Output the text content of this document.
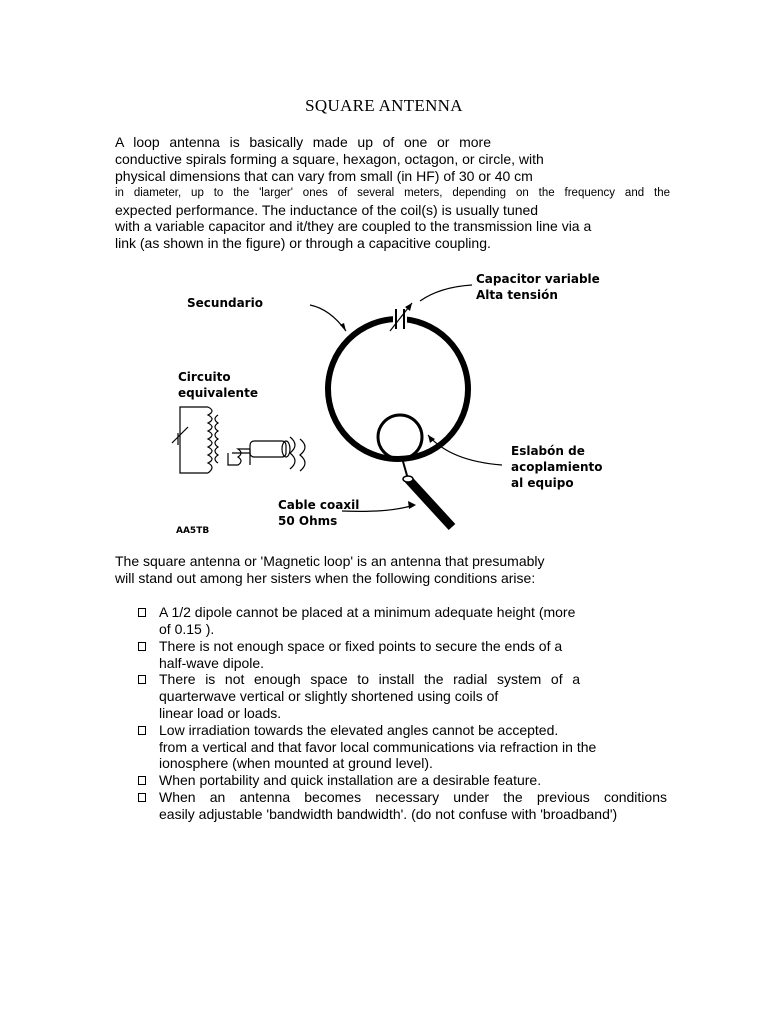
SQUARE ANTENNA
A loop antenna is basically made up of one or more
conductive spirals forming a square, hexagon, octagon, or circle, with
physical dimensions that can vary from small (in HF) of 30 or 40 cm
in diameter, up to the 'larger' ones of several meters, depending on the frequency and the
expected performance. The inductance of the coil(s) is usually tuned
with a variable capacitor and it/they are coupled to the transmission line via a
link (as shown in the figure) or through a capacitive coupling.
Secundario
Capacitor variable
Alta tensión
Circuito
equivalente
Eslabón de
acoplamiento
al equipo
Cable coaxil
50 Ohms
AA5TB
The square antenna or 'Magnetic loop' is an antenna that presumably
will stand out among her sisters when the following conditions arise:
A 1/2 dipole cannot be placed at a minimum adequate height (more
of 0.15 ).
There is not enough space or fixed points to secure the ends of a
half-wave dipole.
There is not enough space to install the radial system of a
quarterwave vertical or slightly shortened using coils of
linear load or loads.
Low irradiation towards the elevated angles cannot be accepted.
from a vertical and that favor local communications via refraction in the
ionosphere (when mounted at ground level).
When portability and quick installation are a desirable feature.
When an antenna becomes necessary under the previous conditions
easily adjustable 'bandwidth bandwidth'. (do not confuse with 'broadband')
